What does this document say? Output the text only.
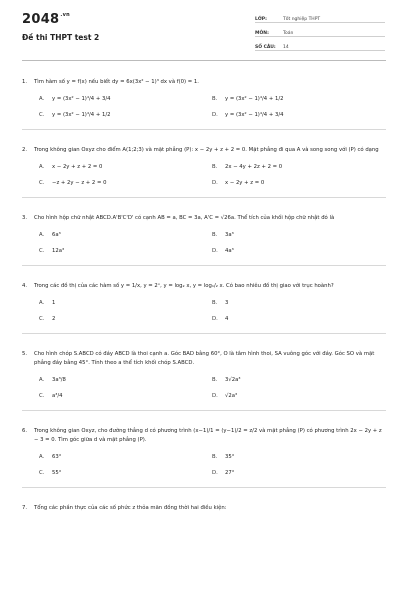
$2048^{.vn}$
Đề thi THPT test 2
LỚP:	Tốt nghiệp THPT
MÔN:	Toán
SỐ CÂU:	14
1.	Tìm hàm số y = f(x) nếu biết dy = 6x(3x² − 1)³ dx và f(0) = 1.
A.	y = (3x² − 1)⁴/4 + 3/4	B.	y = (3x² − 1)⁴/4 + 1/2
C.	y = (3x² − 1)⁴/4 + 1/2	D.	y = (3x² − 1)⁴/4 + 3/4
2.	Trong không gian Oxyz cho điểm A(1;2;3) và mặt phẳng (P): x − 2y + z + 2 = 0. Mặt phẳng đi qua A và song song với (P) có dạng
A.	x − 2y + z + 2 = 0	B.	2x − 4y + 2z + 2 = 0
C.	−z + 2y − z + 2 = 0	D.	x − 2y + z = 0
3.	Cho hình hộp chữ nhật ABCD.A'B'C'D' có cạnh AB = a, BC = 3a, A'C = √26a. Thể tích của khối hộp chữ nhật đó là
A.	6a³	B.	3a³
C.	12a³	D.	4a³
4.	Trong các đồ thị của các hàm số y = 1/x, y = 2ˣ, y = log₂ x, y = log₁/₂ x. Có bao nhiêu đồ thị giao với trục hoành?
A.	1	B.	3
C.	2	D.	4
5.	Cho hình chóp S.ABCD có đáy ABCD là thoi cạnh a. Góc BAD bằng 60°, O là tâm hình thoi, SA vuông góc với đáy. Góc SO và mặt phẳng đáy bằng 45°. Tính theo a thể tích khối chóp S.ABCD.
A.	3a³/8	B.	3√2a³
C.	a³/4	D.	√2a³
6.	Trong không gian Oxyz, cho đường thẳng d có phương trình (x−1)/1 = (y−1)/2 = z/2 và mặt phẳng (P) có phương trình 2x − 2y + z − 3 = 0. Tìm góc giữa d và mặt phẳng (P).
A.	63°	B.	35°
C.	55°	D.	27°
7.	Tổng các phần thực của các số phức z thỏa mãn đồng thời hai điều kiện:
